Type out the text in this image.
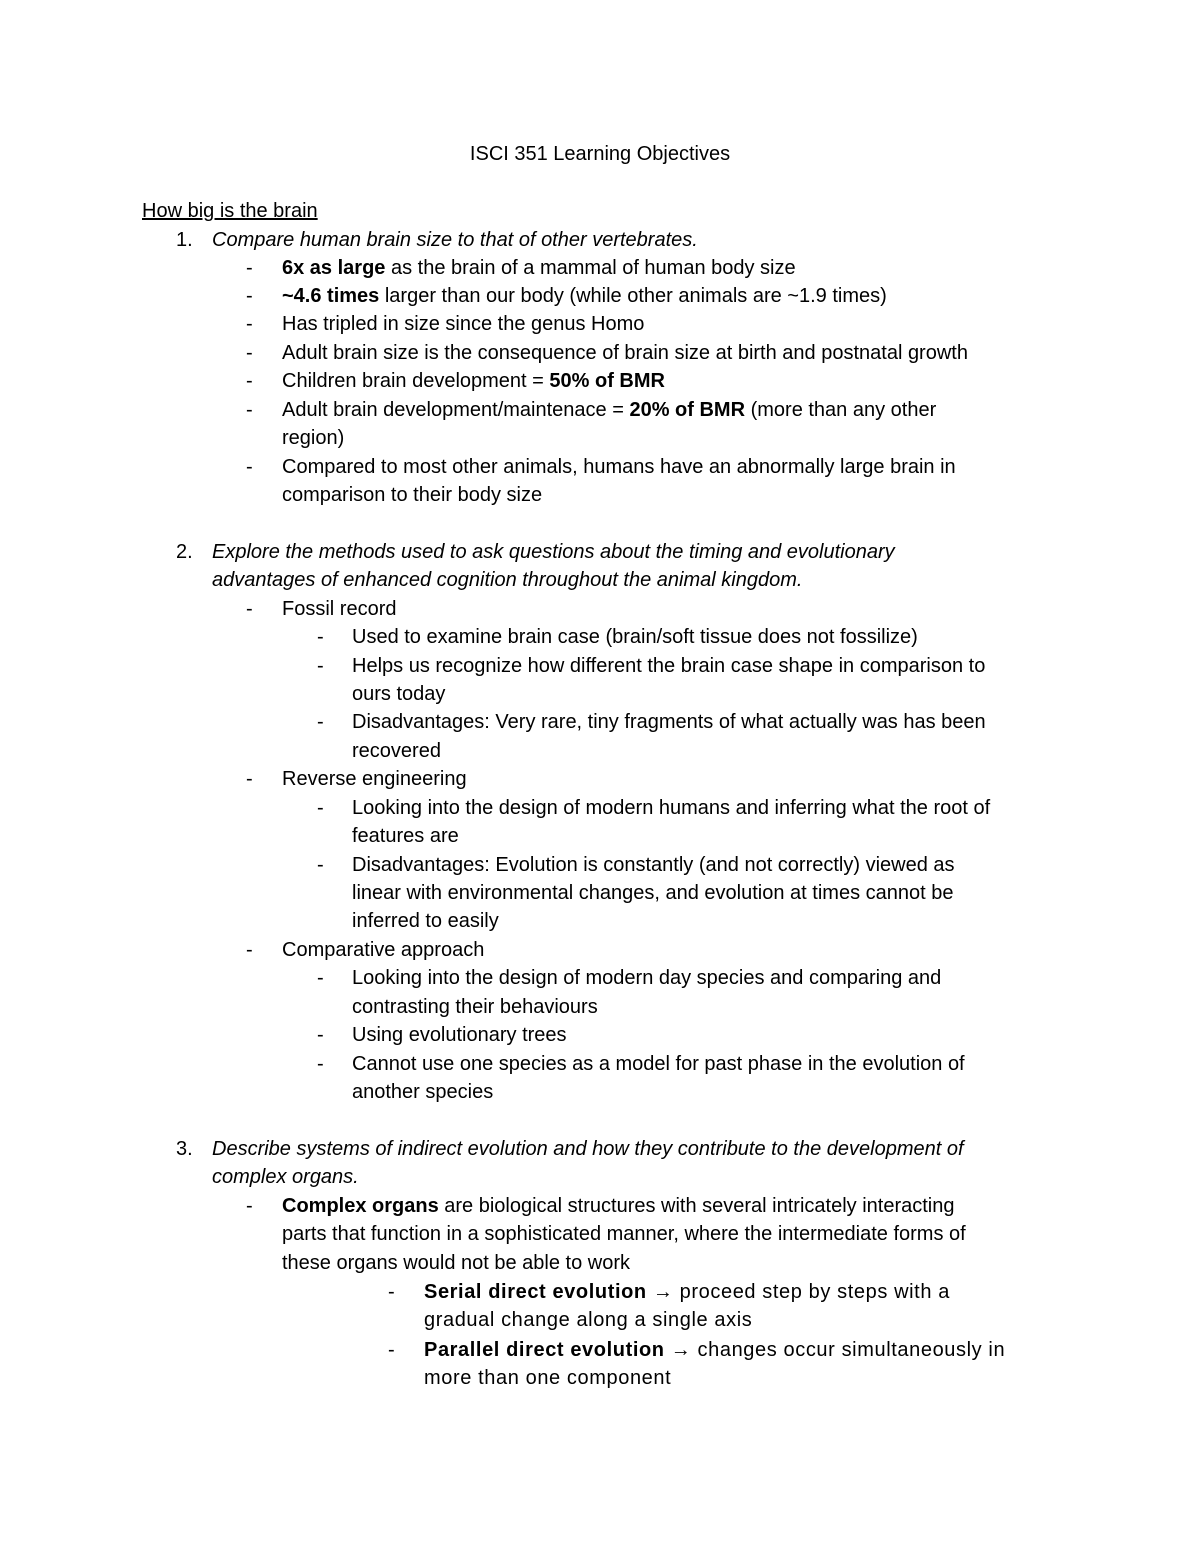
ISCI 351 Learning Objectives
How big is the brain
1. Compare human brain size to that of other vertebrates.
- 6x as large as the brain of a mammal of human body size
- ~4.6 times larger than our body (while other animals are ~1.9 times)
- Has tripled in size since the genus Homo
- Adult brain size is the consequence of brain size at birth and postnatal growth
- Children brain development = 50% of BMR
- Adult brain development/maintenace = 20% of BMR (more than any other
region)
- Compared to most other animals, humans have an abnormally large brain in
comparison to their body size
2. Explore the methods used to ask questions about the timing and evolutionary
advantages of enhanced cognition throughout the animal kingdom.
- Fossil record
- Used to examine brain case (brain/soft tissue does not fossilize)
- Helps us recognize how different the brain case shape in comparison to
ours today
- Disadvantages: Very rare, tiny fragments of what actually was has been
recovered
- Reverse engineering
- Looking into the design of modern humans and inferring what the root of
features are
- Disadvantages: Evolution is constantly (and not correctly) viewed as
linear with environmental changes, and evolution at times cannot be
inferred to easily
- Comparative approach
- Looking into the design of modern day species and comparing and
contrasting their behaviours
- Using evolutionary trees
- Cannot use one species as a model for past phase in the evolution of
another species
3. Describe systems of indirect evolution and how they contribute to the development of
complex organs.
- Complex organs are biological structures with several intricately interacting
parts that function in a sophisticated manner, where the intermediate forms of
these organs would not be able to work
- Serial direct evolution → proceed step by steps with a
gradual change along a single axis
- Parallel direct evolution → changes occur simultaneously in
more than one component
